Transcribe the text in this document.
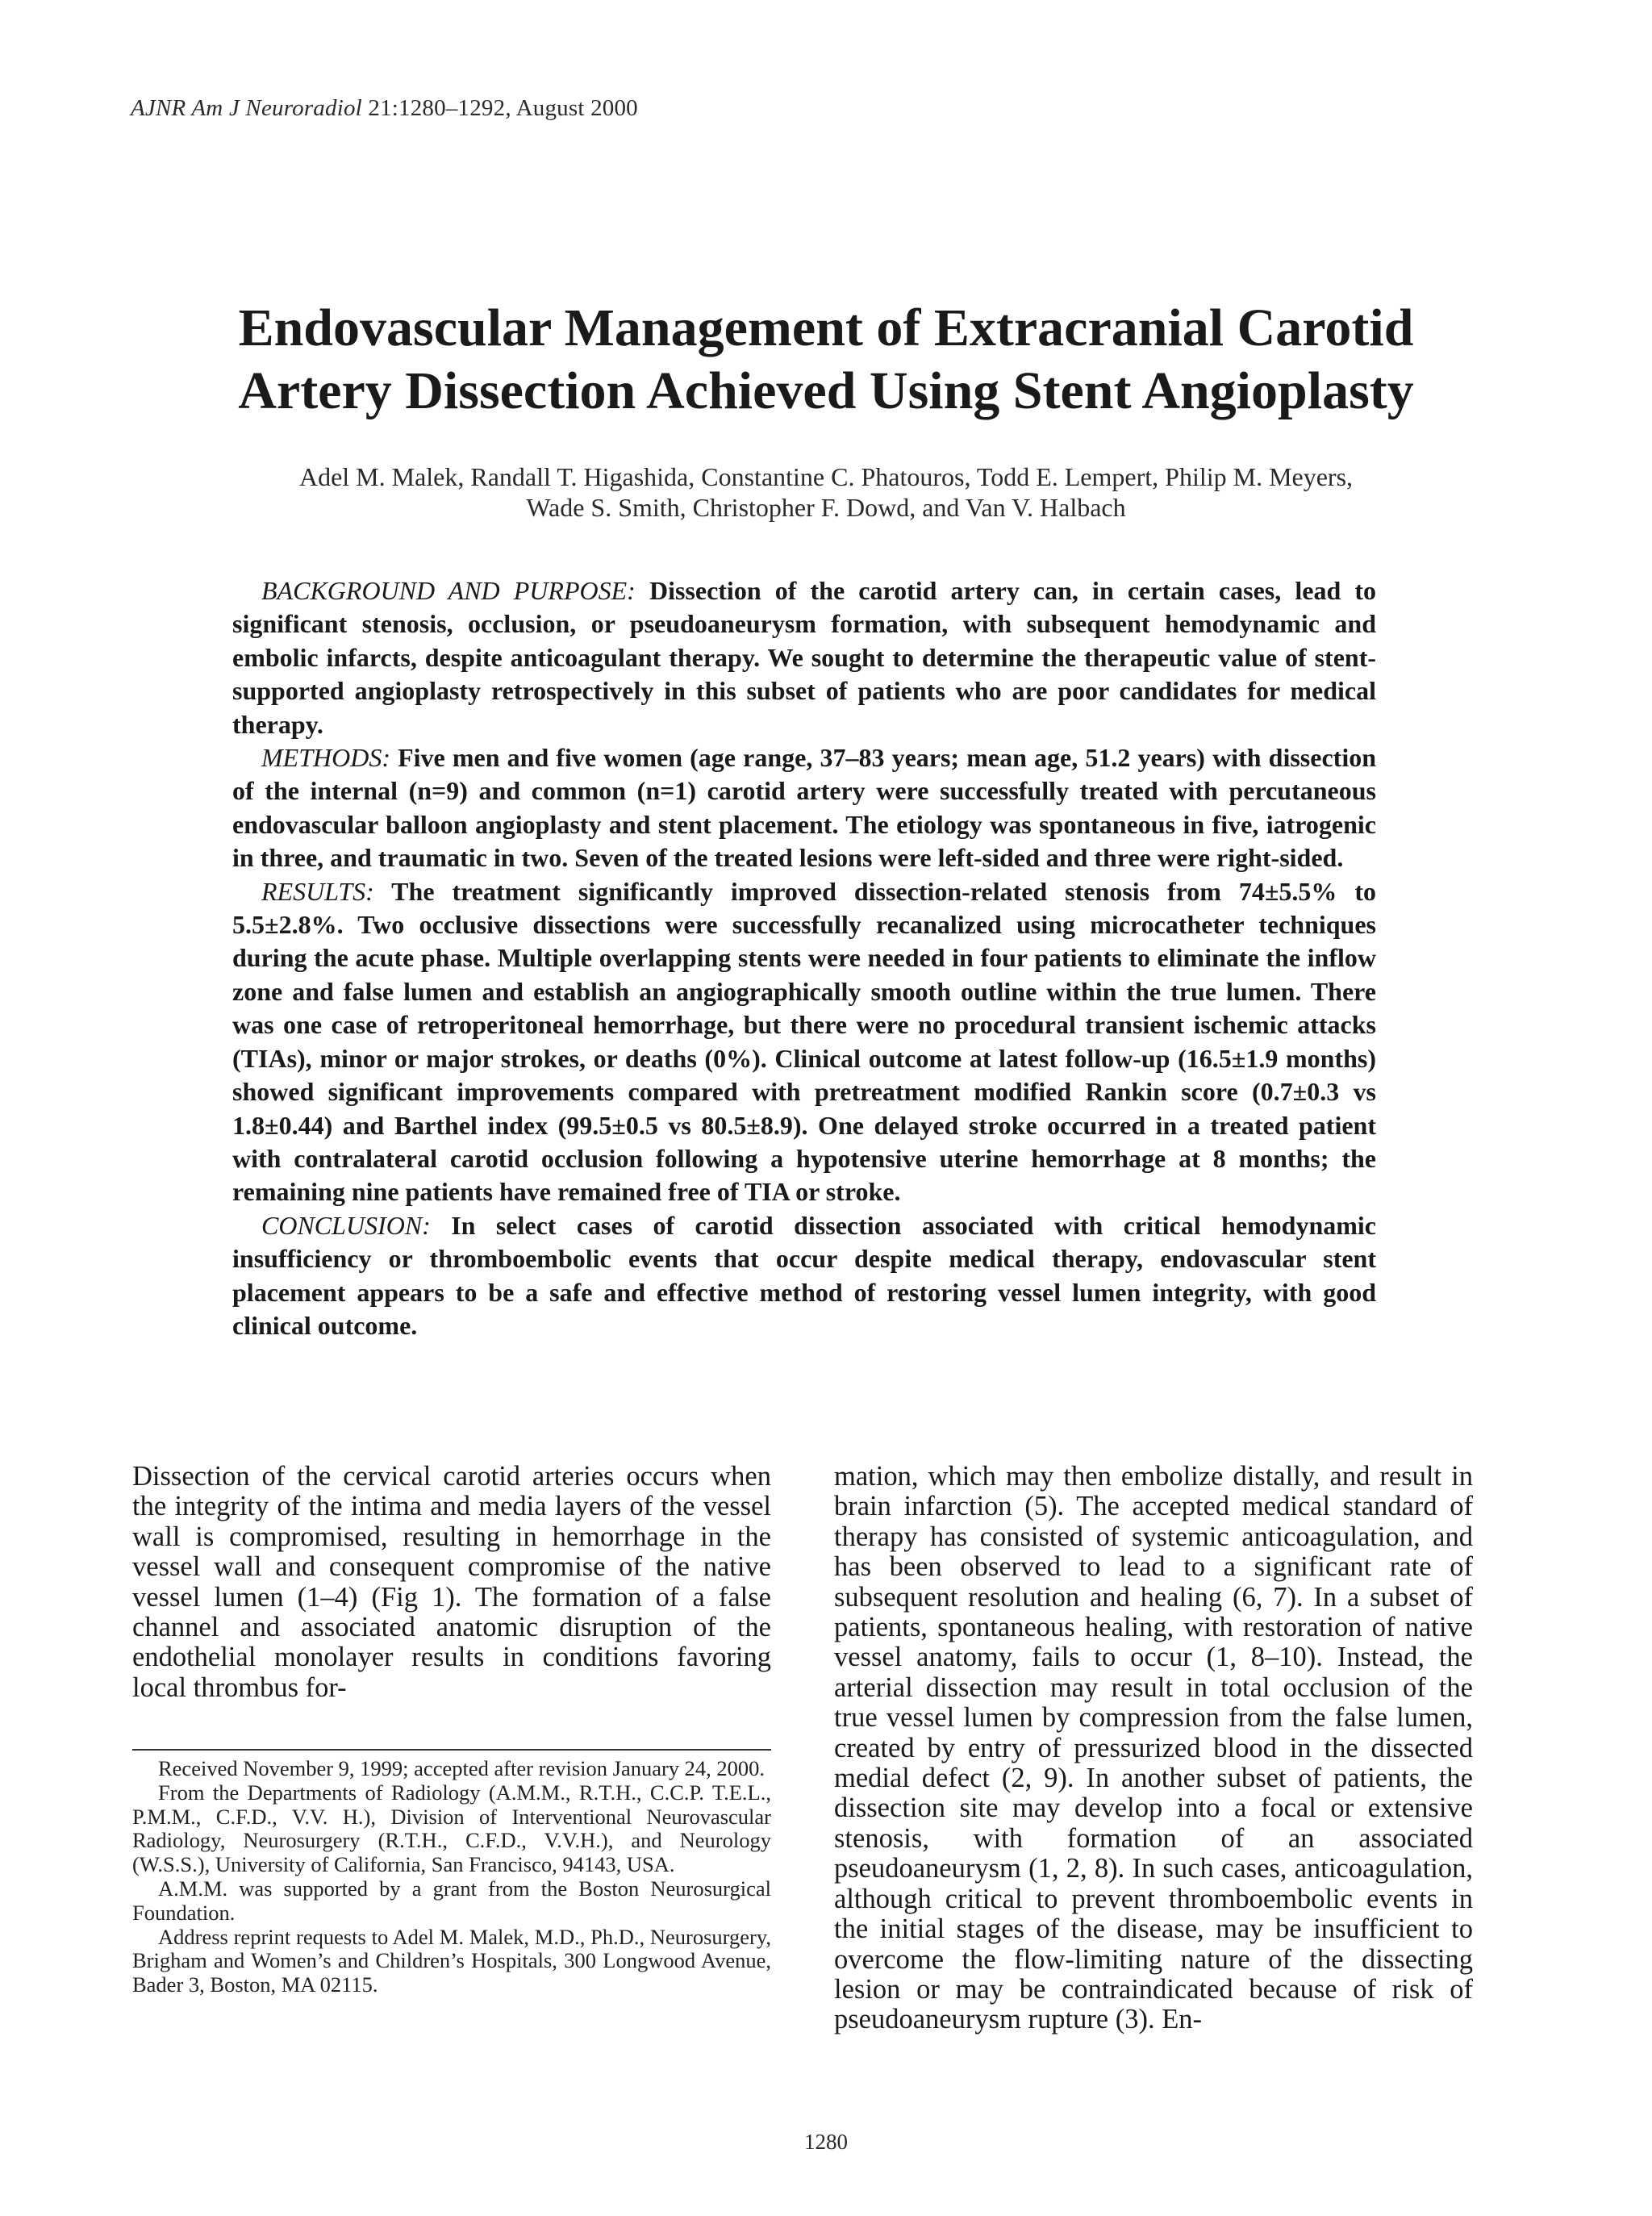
AJNR Am J Neuroradiol 21:1280–1292, August 2000
Endovascular Management of Extracranial Carotid
Artery Dissection Achieved Using Stent Angioplasty
Adel M. Malek, Randall T. Higashida, Constantine C. Phatouros, Todd E. Lempert, Philip M. Meyers,
Wade S. Smith, Christopher F. Dowd, and Van V. Halbach

BACKGROUND AND PURPOSE: Dissection of the carotid artery can, in certain cases, lead to significant stenosis, occlusion, or pseudoaneurysm formation, with subsequent hemodynamic and embolic infarcts, despite anticoagulant therapy. We sought to determine the therapeutic value of stent-supported angioplasty retrospectively in this subset of patients who are poor candidates for medical therapy.

METHODS: Five men and five women (age range, 37–83 years; mean age, 51.2 years) with dissection of the internal (n=9) and common (n=1) carotid artery were successfully treated with percutaneous endovascular balloon angioplasty and stent placement. The etiology was spontaneous in five, iatrogenic in three, and traumatic in two. Seven of the treated lesions were left-sided and three were right-sided.

RESULTS: The treatment significantly improved dissection-related stenosis from 74±5.5% to 5.5±2.8%. Two occlusive dissections were successfully recanalized using microcatheter techniques during the acute phase. Multiple overlapping stents were needed in four patients to eliminate the inflow zone and false lumen and establish an angiographically smooth outline within the true lumen. There was one case of retroperitoneal hemorrhage, but there were no procedural transient ischemic attacks (TIAs), minor or major strokes, or deaths (0%). Clinical outcome at latest follow-up (16.5±1.9 months) showed significant improvements compared with pretreatment modified Rankin score (0.7±0.3 vs 1.8±0.44) and Barthel index (99.5±0.5 vs 80.5±8.9). One delayed stroke occurred in a treated patient with contralateral carotid occlusion following a hypotensive uterine hemorrhage at 8 months; the remaining nine patients have remained free of TIA or stroke.

CONCLUSION: In select cases of carotid dissection associated with critical hemodynamic insufficiency or thromboembolic events that occur despite medical therapy, endovascular stent placement appears to be a safe and effective method of restoring vessel lumen integrity, with good clinical outcome.

Dissection of the cervical carotid arteries occurs when the integrity of the intima and media layers of the vessel wall is compromised, resulting in hemorrhage in the vessel wall and consequent compromise of the native vessel lumen (1–4) (Fig 1). The formation of a false channel and associated anatomic disruption of the endothelial monolayer results in conditions favoring local thrombus for-

mation, which may then embolize distally, and result in brain infarction (5). The accepted medical standard of therapy has consisted of systemic anticoagulation, and has been observed to lead to a significant rate of subsequent resolution and healing (6, 7). In a subset of patients, spontaneous healing, with restoration of native vessel anatomy, fails to occur (1, 8–10). Instead, the arterial dissection may result in total occlusion of the true vessel lumen by compression from the false lumen, created by entry of pressurized blood in the dissected medial defect (2, 9). In another subset of patients, the dissection site may develop into a focal or extensive stenosis, with formation of an associated pseudoaneurysm (1, 2, 8). In such cases, anticoagulation, although critical to prevent thromboembolic events in the initial stages of the disease, may be insufficient to overcome the flow-limiting nature of the dissecting lesion or may be contraindicated because of risk of pseudoaneurysm rupture (3). En-

Received November 9, 1999; accepted after revision January 24, 2000.

From the Departments of Radiology (A.M.M., R.T.H., C.C.P. T.E.L., P.M.M., C.F.D., V.V. H.), Division of Interventional Neurovascular Radiology, Neurosurgery (R.T.H., C.F.D., V.V.H.), and Neurology (W.S.S.), University of California, San Francisco, 94143, USA.

A.M.M. was supported by a grant from the Boston Neurosurgical Foundation.

Address reprint requests to Adel M. Malek, M.D., Ph.D., Neurosurgery, Brigham and Women’s and Children’s Hospitals, 300 Longwood Avenue, Bader 3, Boston, MA 02115.

1280
